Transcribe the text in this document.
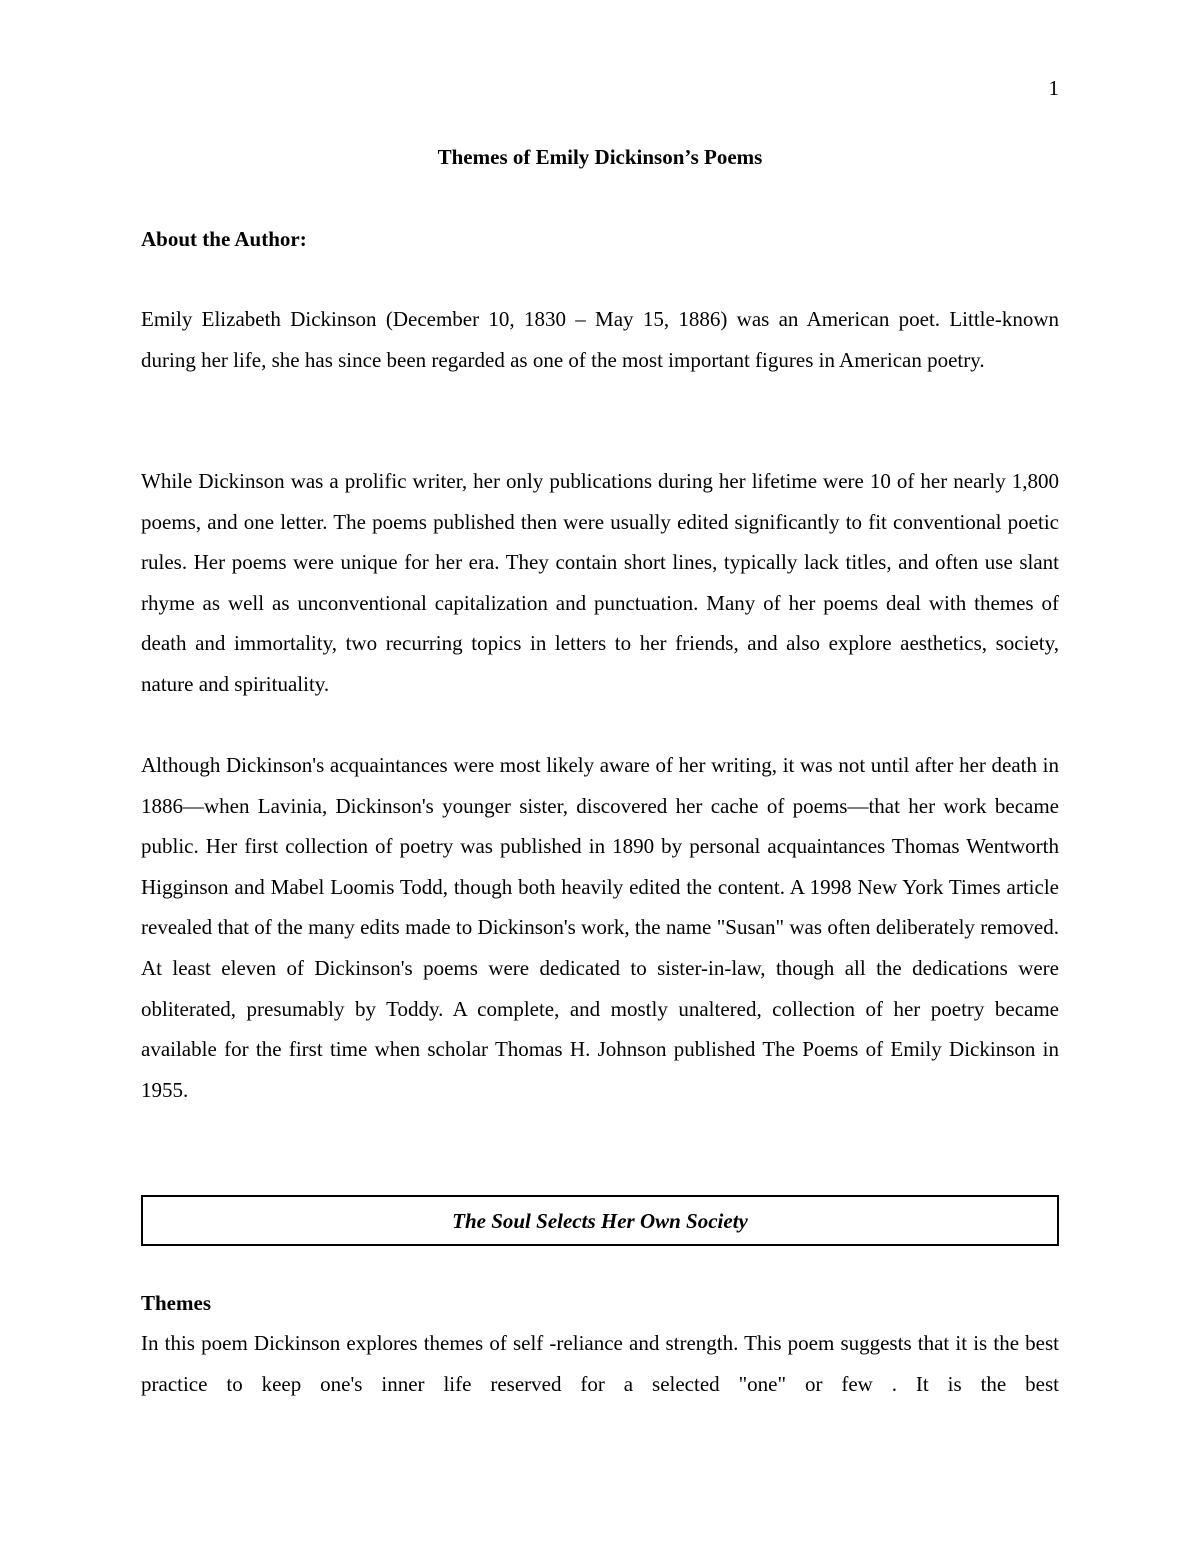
1
Themes of Emily Dickinson’s Poems
About the Author:

Emily Elizabeth Dickinson (December 10, 1830 – May 15, 1886) was an American poet. Little-known during her life, she has since been regarded as one of the most important figures in American poetry.

While Dickinson was a prolific writer, her only publications during her lifetime were 10 of her nearly 1,800 poems, and one letter. The poems published then were usually edited significantly to fit conventional poetic rules. Her poems were unique for her era. They contain short lines, typically lack titles, and often use slant rhyme as well as unconventional capitalization and punctuation. Many of her poems deal with themes of death and immortality, two recurring topics in letters to her friends, and also explore aesthetics, society, nature and spirituality.

Although Dickinson's acquaintances were most likely aware of her writing, it was not until after her death in 1886—when Lavinia, Dickinson's younger sister, discovered her cache of poems—that her work became public. Her first collection of poetry was published in 1890 by personal acquaintances Thomas Wentworth Higginson and Mabel Loomis Todd, though both heavily edited the content. A 1998 New York Times article revealed that of the many edits made to Dickinson's work, the name "Susan" was often deliberately removed. At least eleven of Dickinson's poems were dedicated to sister-in-law, though all the dedications were obliterated, presumably by Toddy. A complete, and mostly unaltered, collection of her poetry became available for the first time when scholar Thomas H. Johnson published The Poems of Emily Dickinson in 1955.

The Soul Selects Her Own Society
Themes

In this poem Dickinson explores themes of self -reliance and strength. This poem suggests that it is the best practice to keep one's inner life reserved for a selected "one" or few . It is the best
